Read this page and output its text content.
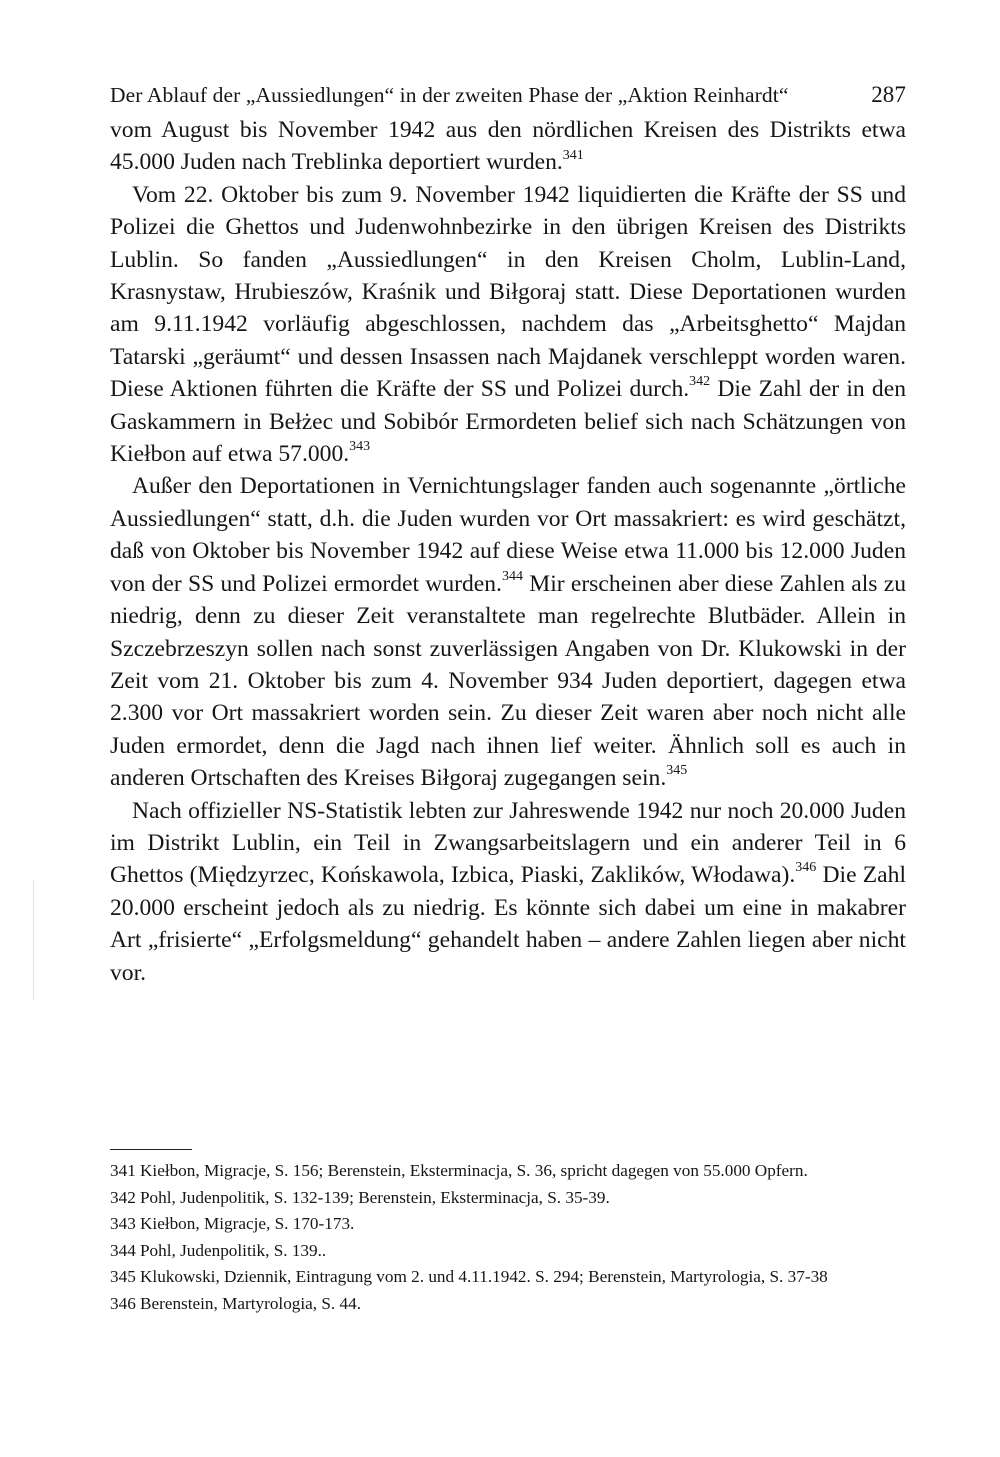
Der Ablauf der „Aussiedlungen“ in der zweiten Phase der „Aktion Reinhardt“	287

vom August bis November 1942 aus den nördlichen Kreisen des Distrikts etwa 45.000 Juden nach Treblinka deportiert wurden.$^{341}$

Vom 22. Oktober bis zum 9. November 1942 liquidierten die Kräfte der SS und Polizei die Ghettos und Judenwohnbezirke in den übrigen Kreisen des Distrikts Lublin. So fanden „Aussiedlungen“ in den Kreisen Cholm, Lublin-Land, Krasnystaw, Hrubieszów, Kraśnik und Biłgoraj statt. Diese Deportationen wurden am 9.11.1942 vorläufig abgeschlossen, nachdem das „Arbeitsghetto“ Majdan Tatarski „geräumt“ und dessen Insassen nach Majdanek verschleppt worden waren. Diese Aktionen führten die Kräfte der SS und Polizei durch.$^{342}$ Die Zahl der in den Gaskammern in Bełżec und Sobibór Ermordeten belief sich nach Schätzungen von Kiełbon auf etwa 57.000.$^{343}$

Außer den Deportationen in Vernichtungslager fanden auch sogenannte „örtliche Aussiedlungen“ statt, d.h. die Juden wurden vor Ort massakriert: es wird geschätzt, daß von Oktober bis November 1942 auf diese Weise etwa 11.000 bis 12.000 Juden von der SS und Polizei ermordet wurden.$^{344}$ Mir erscheinen aber diese Zahlen als zu niedrig, denn zu dieser Zeit veranstaltete man regelrechte Blutbäder. Allein in Szczebrzeszyn sollen nach sonst zuverlässigen Angaben von Dr. Klukowski in der Zeit vom 21. Oktober bis zum 4. November 934 Juden deportiert, dagegen etwa 2.300 vor Ort massakriert worden sein. Zu dieser Zeit waren aber noch nicht alle Juden ermordet, denn die Jagd nach ihnen lief weiter. Ähnlich soll es auch in anderen Ortschaften des Kreises Biłgoraj zugegangen sein.$^{345}$

Nach offizieller NS-Statistik lebten zur Jahreswende 1942 nur noch 20.000 Juden im Distrikt Lublin, ein Teil in Zwangsarbeitslagern und ein anderer Teil in 6 Ghettos (Międzyrzec, Końskawola, Izbica, Piaski, Zaklików, Włodawa).$^{346}$ Die Zahl 20.000 erscheint jedoch als zu niedrig. Es könnte sich dabei um eine in makabrer Art „frisierte“ „Erfolgsmeldung“ gehandelt haben – andere Zahlen liegen aber nicht vor.

341 Kiełbon, Migracje, S. 156; Berenstein, Eksterminacja, S. 36, spricht dagegen von 55.000 Opfern.
342 Pohl, Judenpolitik, S. 132-139; Berenstein, Eksterminacja, S. 35-39.
343 Kiełbon, Migracje, S. 170-173.
344 Pohl, Judenpolitik, S. 139..
345 Klukowski, Dziennik, Eintragung vom 2. und 4.11.1942. S. 294; Berenstein, Martyrologia, S. 37-38
346 Berenstein, Martyrologia, S. 44.
